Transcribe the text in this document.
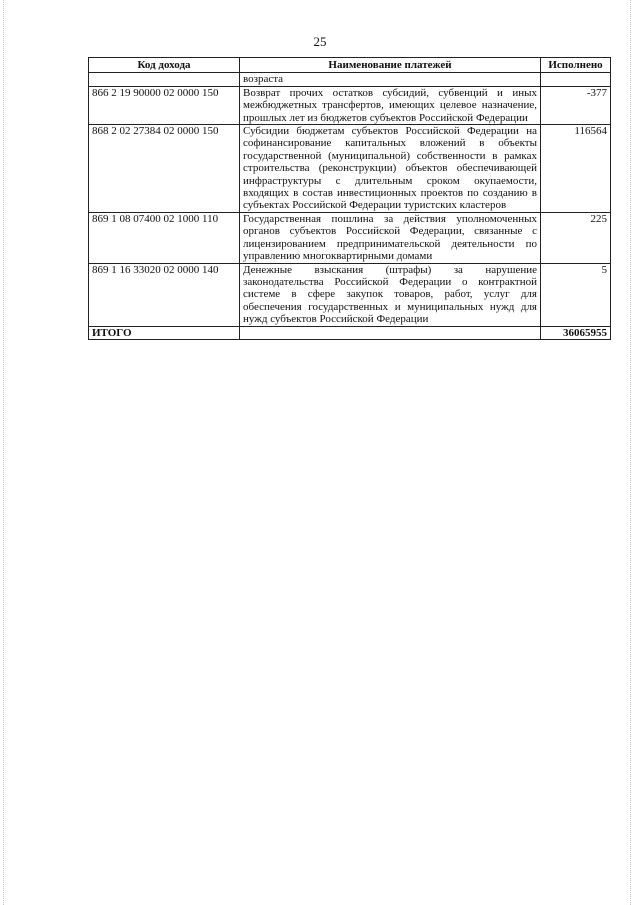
25
Код дохода	Наименование платежей	Исполнено
	возраста	
866 2 19 90000 02 0000 150	Возврат прочих остатков субсидий, субвенций и иных межбюджетных трансфертов, имеющих целевое назначение, прошлых лет из бюджетов субъектов Российской Федерации	-377
868 2 02 27384 02 0000 150	Субсидии бюджетам субъектов Российской Федерации на софинансирование капитальных вложений в объекты государственной (муниципальной) собственности в рамках строительства (реконструкции) объектов обеспечивающей инфраструктуры с длительным сроком окупаемости, входящих в состав инвестиционных проектов по созданию в субъектах Российской Федерации туристских кластеров	116564
869 1 08 07400 02 1000 110	Государственная пошлина за действия уполномоченных органов субъектов Российской Федерации, связанные с лицензированием предпринимательской деятельности по управлению многоквартирными домами	225
869 1 16 33020 02 0000 140	Денежные взыскания (штрафы) за нарушение законодательства Российской Федерации о контрактной системе в сфере закупок товаров, работ, услуг для обеспечения государственных и муниципальных нужд для нужд субъектов Российской Федерации	5
ИТОГО		36065955
